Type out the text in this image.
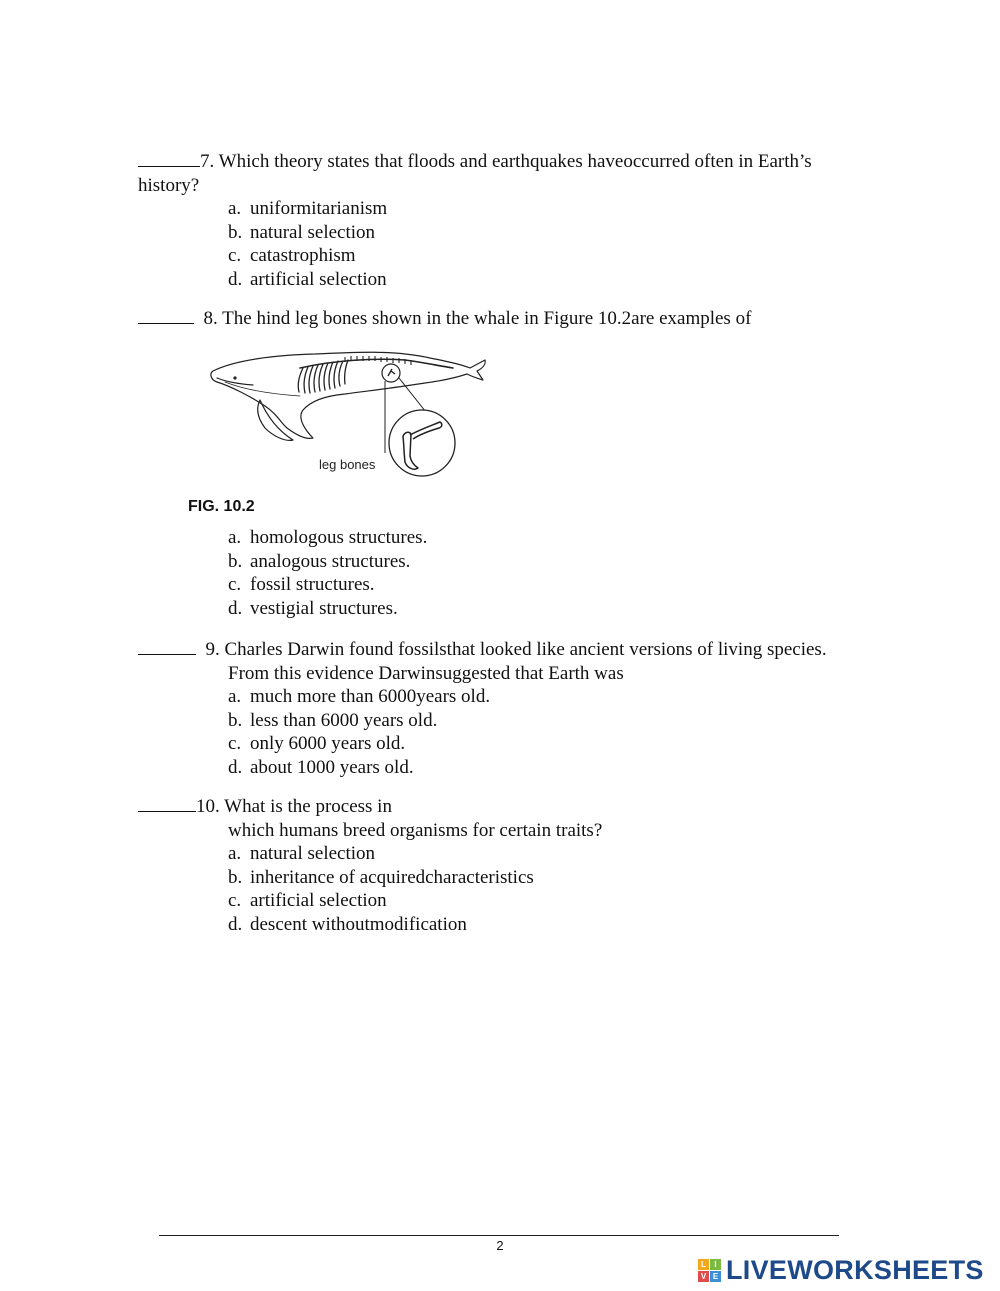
7. Which theory states that floods and earthquakes haveoccurred often in Earth’s
history?
a. uniformitarianism
b. natural selection
c. catastrophism
d. artificial selection
8. The hind leg bones shown in the whale in Figure 10.2are examples of
leg bones
FIG. 10.2
a. homologous structures.
b. analogous structures.
c. fossil structures.
d. vestigial structures.
9. Charles Darwin found fossilsthat looked like ancient versions of living species.
From this evidence Darwinsuggested that Earth was
a. much more than 6000years old.
b. less than 6000 years old.
c. only 6000 years old.
d. about 1000 years old.
10. What is the process in
which humans breed organisms for certain traits?
a. natural selection
b. inheritance of acquiredcharacteristics
c. artificial selection
d. descent withoutmodification
2
L	I
V E LIVEWORKSHEETS
